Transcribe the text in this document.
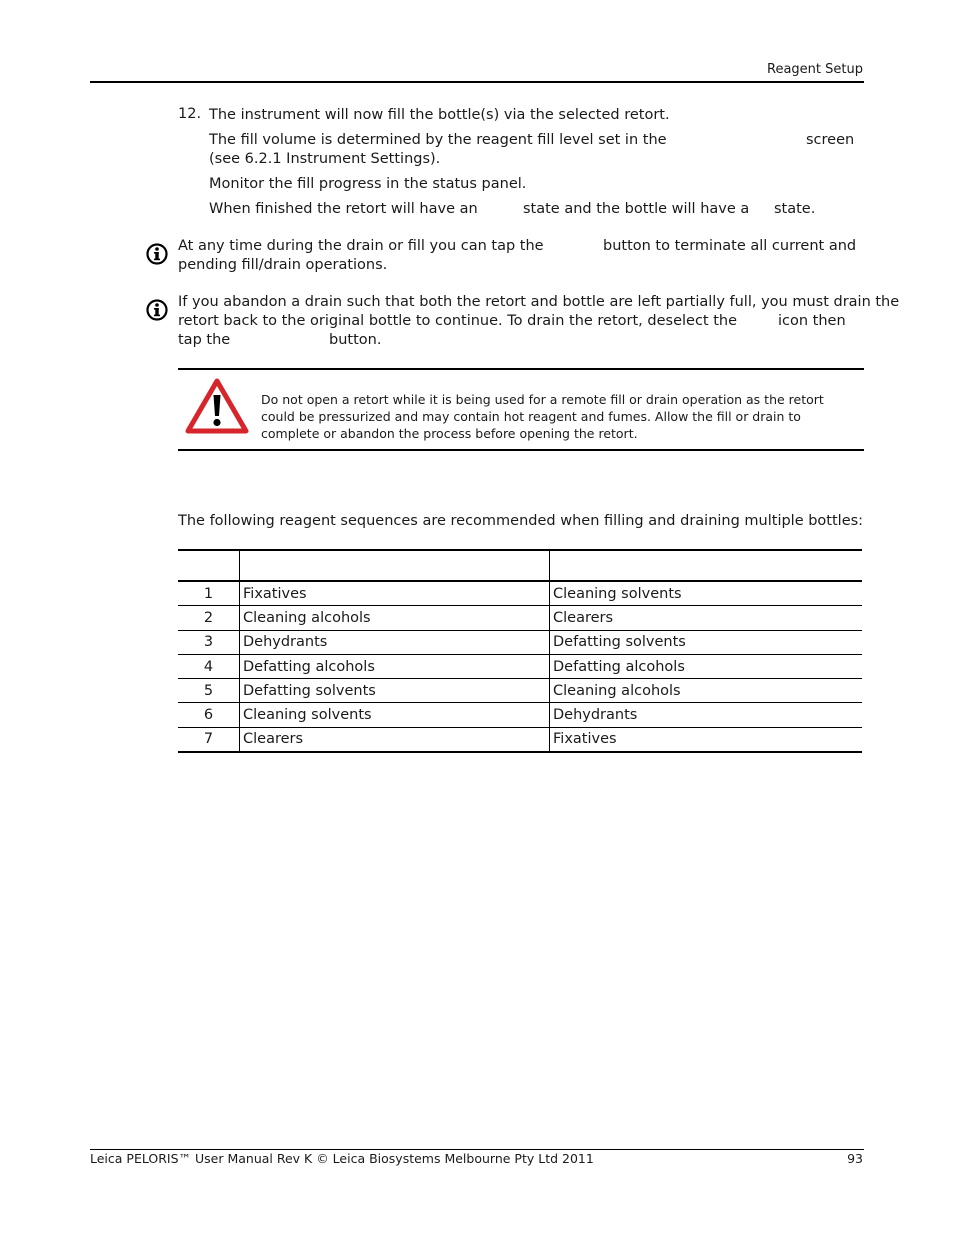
Reagent Setup
12. The instrument will now fill the bottle(s) via the selected retort.

The fill volume is determined by the reagent fill level set in the	screen

(see 6.2.1 Instrument Settings).

Monitor the fill progress in the status panel.

When finished the retort will have an	state and the bottle will have a state.

At any time during the drain or fill you can tap the	button to terminate all current and

pending fill/drain operations.

If you abandon a drain such that both the retort and bottle are left partially full, you must drain the

retort back to the original bottle to continue. To drain the retort, deselect the	icon then

tap the	button.

Do not open a retort while it is being used for a remote fill or drain operation as the retort could be pressurized and may contain hot reagent and fumes. Allow the fill or drain to complete or abandon the process before opening the retort.

The following reagent sequences are recommended when filling and draining multiple bottles:

1	Fixatives	Cleaning solvents
2	Cleaning alcohols	Clearers
3	Dehydrants	Defatting solvents
4	Defatting alcohols	Defatting alcohols
5	Defatting solvents	Cleaning alcohols
6	Cleaning solvents	Dehydrants
7	Clearers	Fixatives
Leica PELORIS™ User Manual Rev K © Leica Biosystems Melbourne Pty Ltd 2011	93
